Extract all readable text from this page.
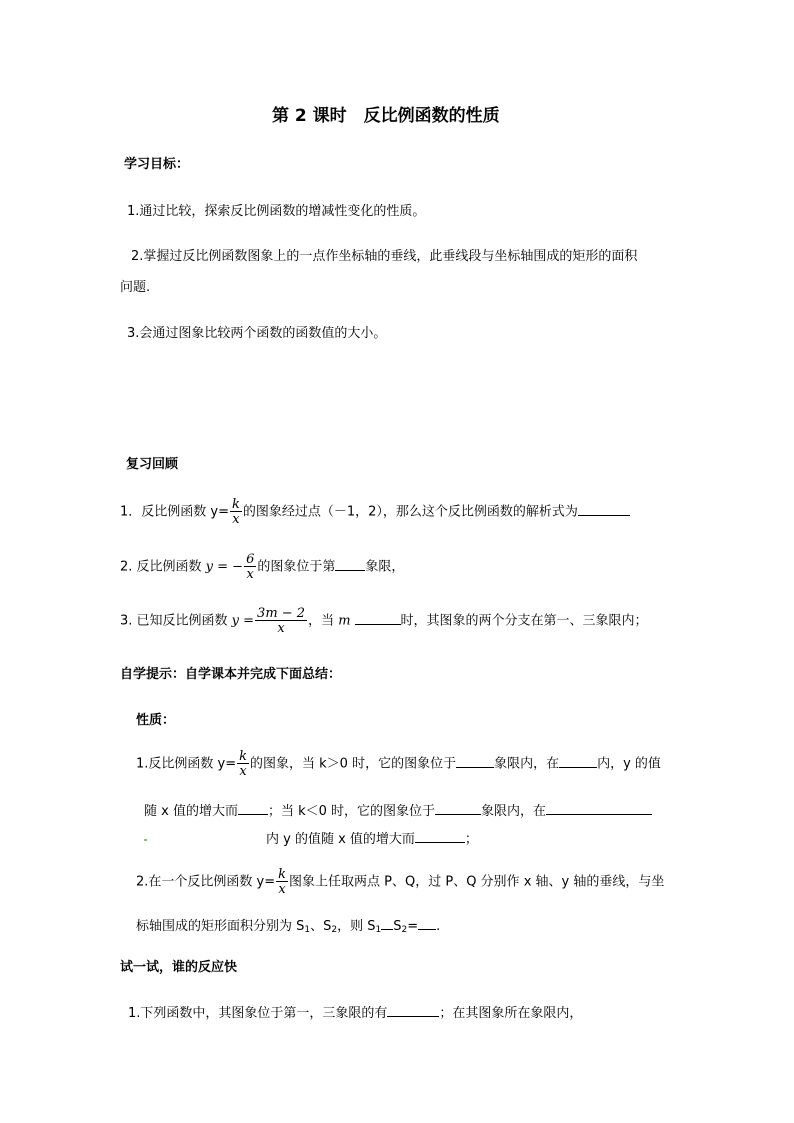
第 2 课时　反比例函数的性质
学习目标：
1.通过比较，探索反比例函数的增减性变化的性质。
2.掌握过反比例函数图象上的一点作坐标轴的垂线，此垂线段与坐标轴围成的矩形的面积
问题.
3.会通过图象比较两个函数的函数值的大小。
复习回顾
1．反比例函数 $y= \frac{k}{x}$ 的图象经过点（－1，2），那么这个反比例函数的解析式为
2. 反比例函数 y = − $\frac{6}{x}$ 的图象位于第 象限，
3. 已知反比例函数 $y = \frac{3m - 2}{x}$ ，当 m	时，其图象的两个分支在第一、三象限内；
自学提示：自学课本并完成下面总结：
性质：
1.反比例函数 $y= \frac{k}{x}$ 的图象，当 k＞0 时，它的图象位于	象限内，在	内，y 的值
随 x 值的增大而 ；当 k＜0 时，它的图象位于	象限内，在
内 y 的值随 x 值的增大而	；
2.在一个反比例函数 $y= \frac{k}{x}$ 图象上任取两点 P、Q，过 P、Q 分别作 x 轴、y 轴的垂线，与坐
标轴围成的矩形面积分别为 $S_1$、$S_2$，则 $S_1$ $S_2=$ .
试一试，谁的反应快
1.下列函数中，其图象位于第一，三象限的有	；在其图象所在象限内，
